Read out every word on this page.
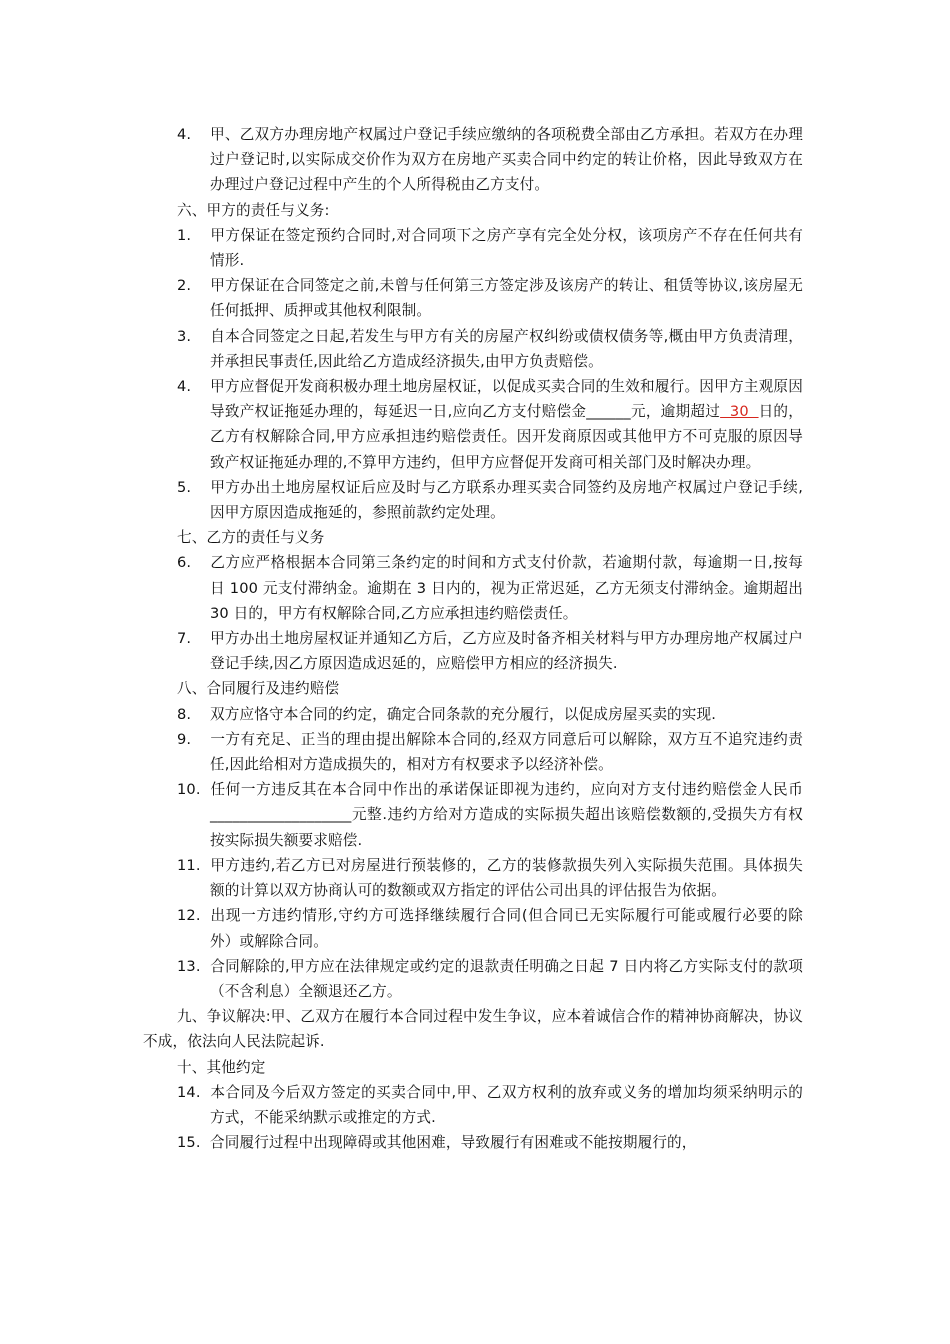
4. 甲、乙双方办理房地产权属过户登记手续应缴纳的各项税费全部由乙方承担。若双方在办理过户登记时,以实际成交价作为双方在房地产买卖合同中约定的转让价格，因此导致双方在办理过户登记过程中产生的个人所得税由乙方支付。
六、甲方的责任与义务:
1. 甲方保证在签定预约合同时,对合同项下之房产享有完全处分权，该项房产不存在任何共有情形.
2. 甲方保证在合同签定之前,未曾与任何第三方签定涉及该房产的转让、租赁等协议,该房屋无任何抵押、质押或其他权利限制。
3. 自本合同签定之日起,若发生与甲方有关的房屋产权纠纷或债权债务等,概由甲方负责清理，并承担民事责任,因此给乙方造成经济损失,由甲方负责赔偿。
4. 甲方应督促开发商积极办理土地房屋权证，以促成买卖合同的生效和履行。因甲方主观原因导致产权证拖延办理的，每延迟一日,应向乙方支付赔偿金______元，逾期超过  30  日的，乙方有权解除合同,甲方应承担违约赔偿责任。因开发商原因或其他甲方不可克服的原因导致产权证拖延办理的,不算甲方违约，但甲方应督促开发商可相关部门及时解决办理。
5. 甲方办出土地房屋权证后应及时与乙方联系办理买卖合同签约及房地产权属过户登记手续,因甲方原因造成拖延的，参照前款约定处理。
七、乙方的责任与义务
6. 乙方应严格根据本合同第三条约定的时间和方式支付价款，若逾期付款，每逾期一日,按每日 100 元支付滞纳金。逾期在 3 日内的，视为正常迟延，乙方无须支付滞纳金。逾期超出 30 日的，甲方有权解除合同,乙方应承担违约赔偿责任。
7. 甲方办出土地房屋权证并通知乙方后，乙方应及时备齐相关材料与甲方办理房地产权属过户登记手续,因乙方原因造成迟延的，应赔偿甲方相应的经济损失.
八、合同履行及违约赔偿
8. 双方应恪守本合同的约定，确定合同条款的充分履行，以促成房屋买卖的实现.
9. 一方有充足、正当的理由提出解除本合同的,经双方同意后可以解除，双方互不追究违约责任,因此给相对方造成损失的，相对方有权要求予以经济补偿。
10. 任何一方违反其在本合同中作出的承诺保证即视为违约，应向对方支付违约赔偿金人民币___________________元整.违约方给对方造成的实际损失超出该赔偿数额的,受损失方有权按实际损失额要求赔偿.
11. 甲方违约,若乙方已对房屋进行预装修的，乙方的装修款损失列入实际损失范围。具体损失额的计算以双方协商认可的数额或双方指定的评估公司出具的评估报告为依据。
12. 出现一方违约情形,守约方可选择继续履行合同(但合同已无实际履行可能或履行必要的除外）或解除合同。
13. 合同解除的,甲方应在法律规定或约定的退款责任明确之日起 7 日内将乙方实际支付的款项（不含利息）全额退还乙方。
九、争议解决:甲、乙双方在履行本合同过程中发生争议，应本着诚信合作的精神协商解决，协议不成，依法向人民法院起诉.
十、其他约定
14. 本合同及今后双方签定的买卖合同中,甲、乙双方权利的放弃或义务的增加均须采纳明示的方式，不能采纳默示或推定的方式.
15. 合同履行过程中出现障碍或其他困难，导致履行有困难或不能按期履行的，
